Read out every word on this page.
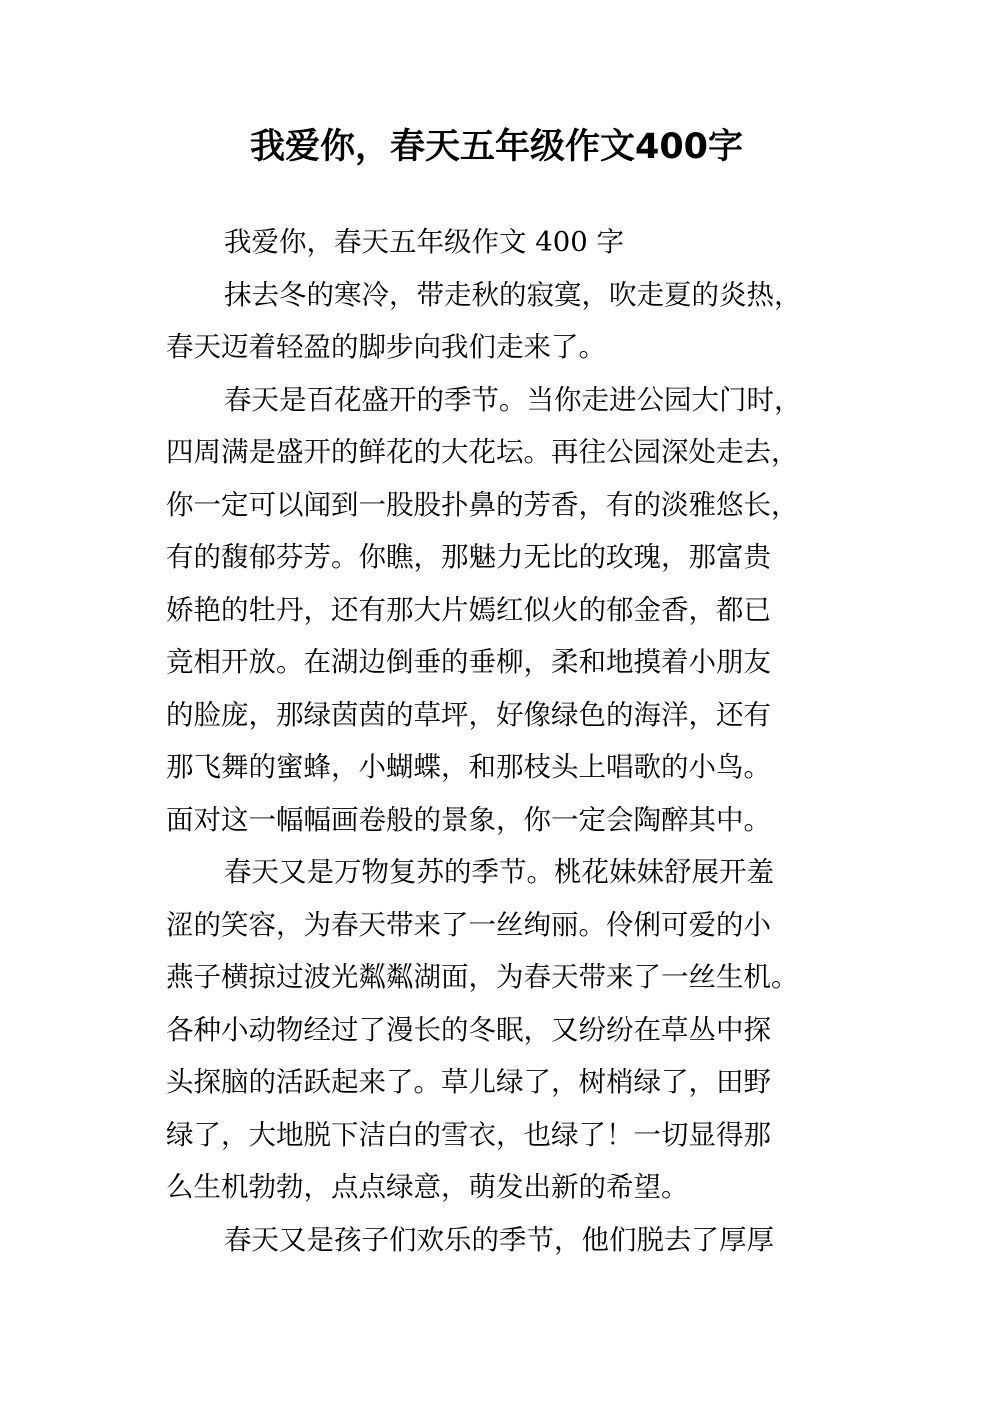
我爱你，春天五年级作文400字
我爱你，春天五年级作文 400 字
抹去冬的寒冷，带走秋的寂寞，吹走夏的炎热，
春天迈着轻盈的脚步向我们走来了。
春天是百花盛开的季节。当你走进公园大门时，
四周满是盛开的鲜花的大花坛。再往公园深处走去，
你一定可以闻到一股股扑鼻的芳香，有的淡雅悠长，
有的馥郁芬芳。你瞧，那魅力无比的玫瑰，那富贵
娇艳的牡丹，还有那大片嫣红似火的郁金香，都已
竞相开放。在湖边倒垂的垂柳，柔和地摸着小朋友
的脸庞，那绿茵茵的草坪，好像绿色的海洋，还有
那飞舞的蜜蜂，小蝴蝶，和那枝头上唱歌的小鸟。
面对这一幅幅画卷般的景象，你一定会陶醉其中。
春天又是万物复苏的季节。桃花妹妹舒展开羞
涩的笑容，为春天带来了一丝绚丽。伶俐可爱的小
燕子横掠过波光粼粼湖面，为春天带来了一丝生机。
各种小动物经过了漫长的冬眠，又纷纷在草丛中探
头探脑的活跃起来了。草儿绿了，树梢绿了，田野
绿了，大地脱下洁白的雪衣，也绿了！一切显得那
么生机勃勃，点点绿意，萌发出新的希望。
春天又是孩子们欢乐的季节，他们脱去了厚厚
